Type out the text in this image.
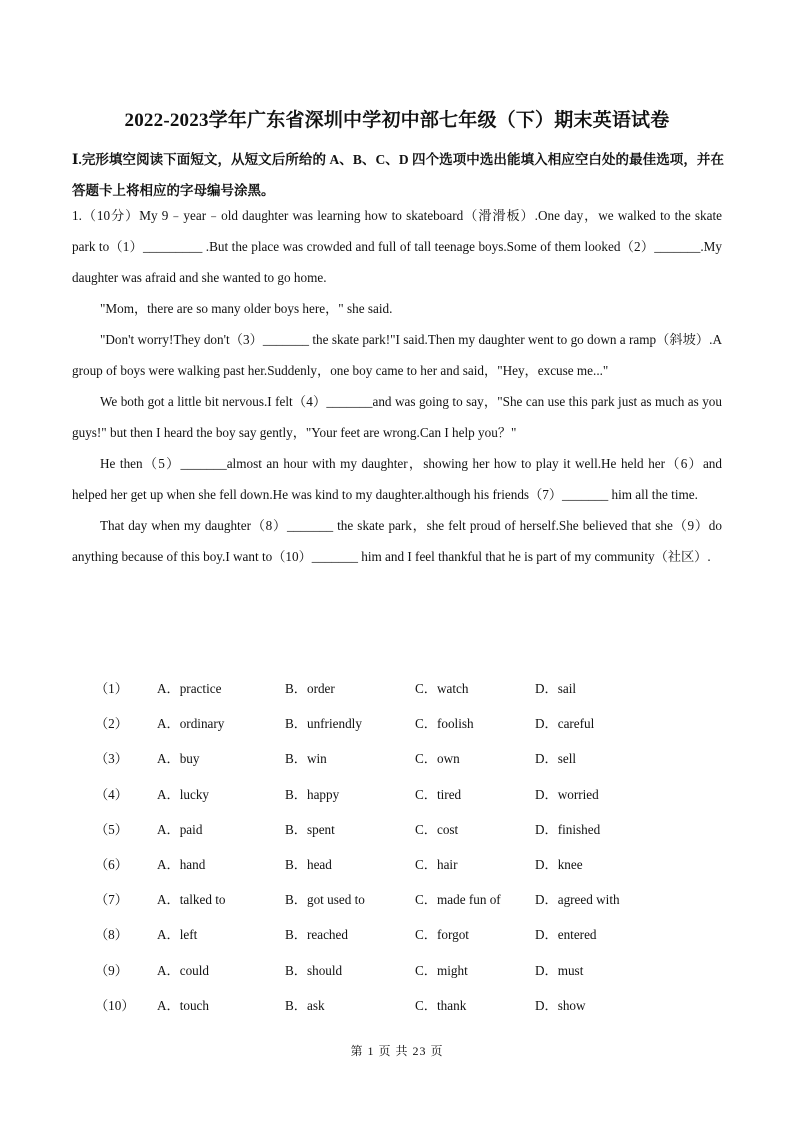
2022-2023学年广东省深圳中学初中部七年级（下）期末英语试卷
Ⅰ.完形填空阅读下面短文，从短文后所给的 A、B、C、D 四个选项中选出能填入相应空白处的最佳选项，并在答题卡上将相应的字母编号涂黑。

1.（10分）My 9﹣year﹣old daughter was learning how to skateboard（滑滑板）.One day，we walked to the skate park to（1）_________ .But the place was crowded and full of tall teenage boys.Some of them looked（2）_______.My daughter was afraid and she wanted to go home.

"Mom，there are so many older boys here，" she said.

"Don't worry!They don't（3）_______ the skate park!"I said.Then my daughter went to go down a ramp（斜坡）.A group of boys were walking past her.Suddenly，one boy came to her and said，"Hey，excuse me..."

We both got a little bit nervous.I felt（4）_______and was going to say，"She can use this park just as much as you guys!" but then I heard the boy say gently，"Your feet are wrong.Can I help you？"

He then（5）_______almost an hour with my daughter，showing her how to play it well.He held her（6）and helped her get up when she fell down.He was kind to my daughter.although his friends（7）_______ him all the time.

That day when my daughter（8）_______ the skate park，she felt proud of herself.She believed that she（9）do anything because of this boy.I want to（10）_______ him and I feel thankful that he is part of my community（社区）.

（1） A．practice	B．order	C．watch	D．sail
（2） A．ordinary	B．unfriendly	C．foolish	D．careful
（3） A．buy	B．win	C．own	D．sell
（4） A．lucky	B．happy	C．tired	D．worried
（5） A．paid	B．spent	C．cost	D．finished
（6） A．hand	B．head	C．hair	D．knee
（7） A．talked to	B．got used to	C．made fun of	D．agreed with
（8） A．left	B．reached	C．forgot	D．entered
（9） A．could	B．should	C．might	D．must
（10） A．touch	B．ask	C．thank	D．show
第 1 页 共 23 页
